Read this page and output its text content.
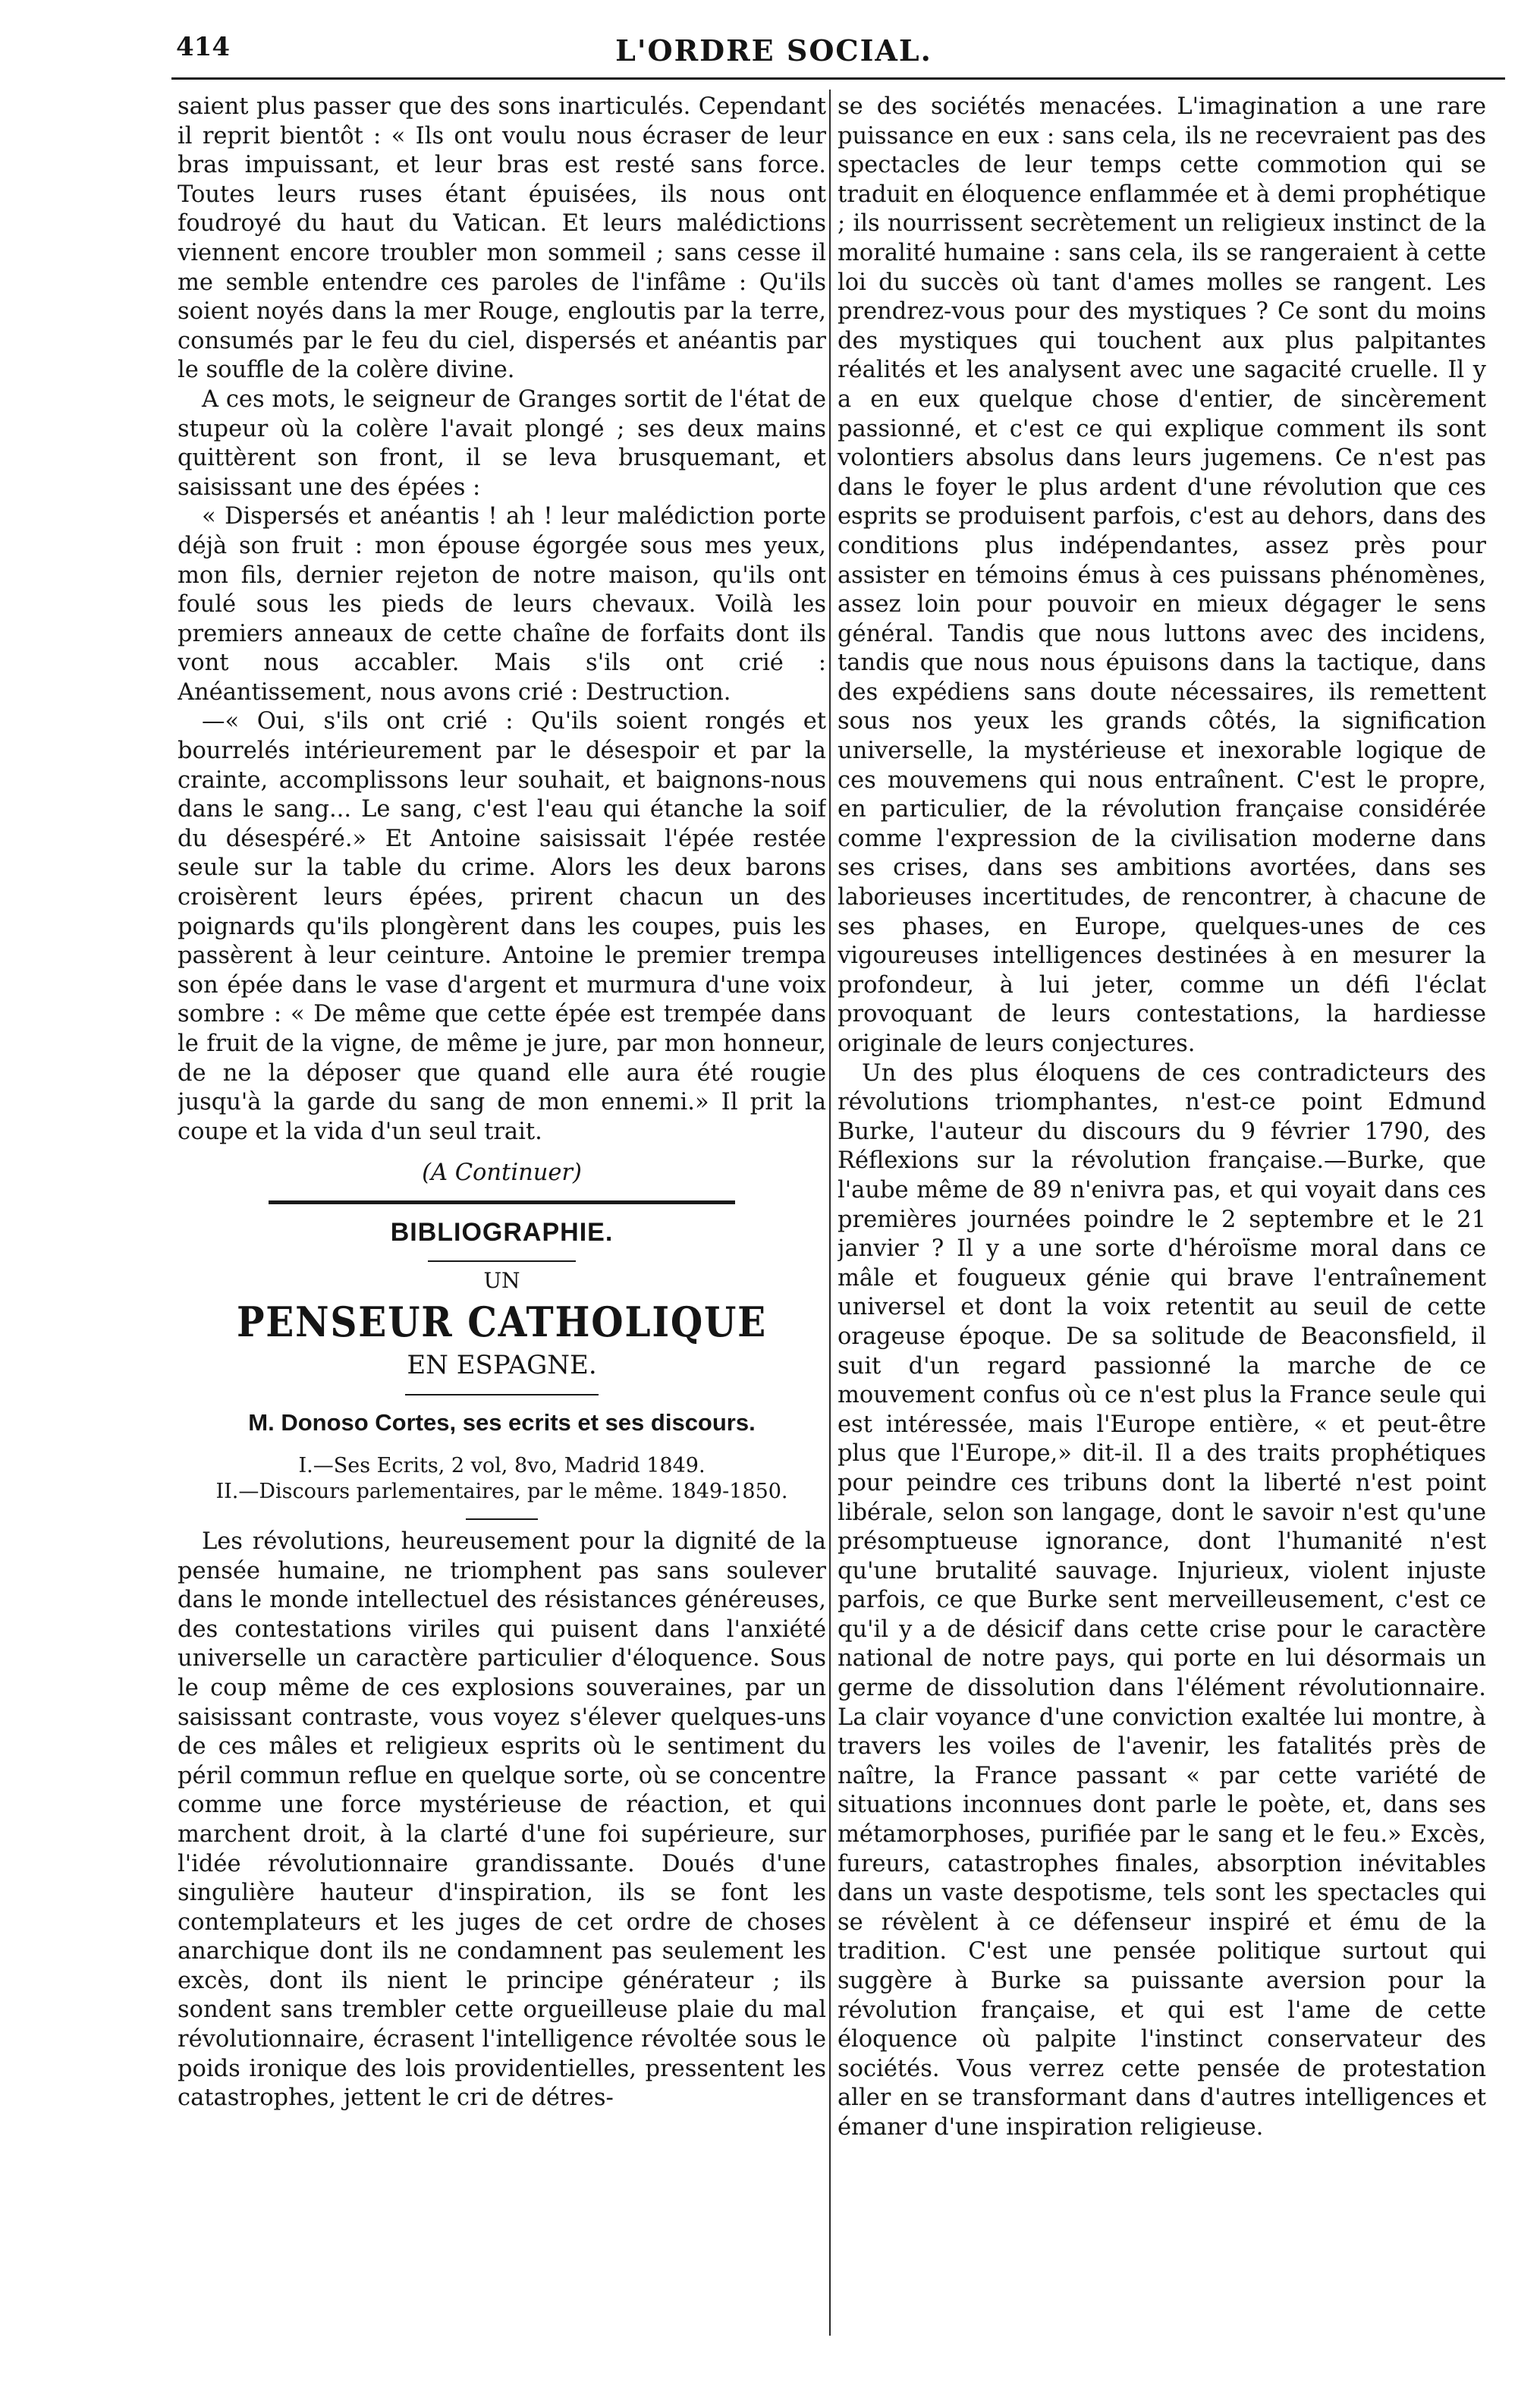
414	L'ORDRE SOCIAL.

saient plus passer que des sons inarticulés. Cependant il reprit bientôt : « Ils ont voulu nous écraser de leur bras impuissant, et leur bras est resté sans force. Toutes leurs ruses étant épuisées, ils nous ont foudroyé du haut du Vatican. Et leurs malédictions viennent encore troubler mon sommeil ; sans cesse il me semble entendre ces paroles de l'infâme : Qu'ils soient noyés dans la mer Rouge, engloutis par la terre, consumés par le feu du ciel, dispersés et anéantis par le souffle de la colère divine.

A ces mots, le seigneur de Granges sortit de l'état de stupeur où la colère l'avait plongé ; ses deux mains quittèrent son front, il se leva brusquemant, et saisissant une des épées :

« Dispersés et anéantis ! ah ! leur malédiction porte déjà son fruit : mon épouse égorgée sous mes yeux, mon fils, dernier rejeton de notre maison, qu'ils ont foulé sous les pieds de leurs chevaux. Voilà les premiers anneaux de cette chaîne de forfaits dont ils vont nous accabler. Mais s'ils ont crié : Anéantissement, nous avons crié : Destruction.

—« Oui, s'ils ont crié : Qu'ils soient rongés et bourrelés intérieurement par le désespoir et par la crainte, accomplissons leur souhait, et baignons-nous dans le sang... Le sang, c'est l'eau qui étanche la soif du désespéré.» Et Antoine saisissait l'épée restée seule sur la table du crime. Alors les deux barons croisèrent leurs épées, prirent chacun un des poignards qu'ils plongèrent dans les coupes, puis les passèrent à leur ceinture. Antoine le premier trempa son épée dans le vase d'argent et murmura d'une voix sombre : « De même que cette épée est trempée dans le fruit de la vigne, de même je jure, par mon honneur, de ne la déposer que quand elle aura été rougie jusqu'à la garde du sang de mon ennemi.» Il prit la coupe et la vida d'un seul trait.

(A Continuer)

BIBLIOGRAPHIE.
UN
PENSEUR CATHOLIQUE
EN ESPAGNE.
M. Donoso Cortes, ses ecrits et ses discours.

I.—Ses Ecrits, 2 vol, 8vo, Madrid 1849.

II.—Discours parlementaires, par le même. 1849-1850.

Les révolutions, heureusement pour la dignité de la pensée humaine, ne triomphent pas sans soulever dans le monde intellectuel des résistances généreuses, des contestations viriles qui puisent dans l'anxiété universelle un caractère particulier d'éloquence. Sous le coup même de ces explosions souveraines, par un saisissant contraste, vous voyez s'élever quelques-uns de ces mâles et religieux esprits où le sentiment du péril commun reflue en quelque sorte, où se concentre comme une force mystérieuse de réaction, et qui marchent droit, à la clarté d'une foi supérieure, sur l'idée révolutionnaire grandissante. Doués d'une singulière hauteur d'inspiration, ils se font les contemplateurs et les juges de cet ordre de choses anarchique dont ils ne condamnent pas seulement les excès, dont ils nient le principe générateur ; ils sondent sans trembler cette orgueilleuse plaie du mal révolutionnaire, écrasent l'intelligence révoltée sous le poids ironique des lois providentielles, pressentent les catastrophes, jettent le cri de détres-

se des sociétés menacées. L'imagination a une rare puissance en eux : sans cela, ils ne recevraient pas des spectacles de leur temps cette commotion qui se traduit en éloquence enflammée et à demi prophétique ; ils nourrissent secrètement un religieux instinct de la moralité humaine : sans cela, ils se rangeraient à cette loi du succès où tant d'ames molles se rangent. Les prendrez-vous pour des mystiques ? Ce sont du moins des mystiques qui touchent aux plus palpitantes réalités et les analysent avec une sagacité cruelle. Il y a en eux quelque chose d'entier, de sincèrement passionné, et c'est ce qui explique comment ils sont volontiers absolus dans leurs jugemens. Ce n'est pas dans le foyer le plus ardent d'une révolution que ces esprits se produisent parfois, c'est au dehors, dans des conditions plus indépendantes, assez près pour assister en témoins émus à ces puissans phénomènes, assez loin pour pouvoir en mieux dégager le sens général. Tandis que nous luttons avec des incidens, tandis que nous nous épuisons dans la tactique, dans des expédiens sans doute nécessaires, ils remettent sous nos yeux les grands côtés, la signification universelle, la mystérieuse et inexorable logique de ces mouvemens qui nous entraînent. C'est le propre, en particulier, de la révolution française considérée comme l'expression de la civilisation moderne dans ses crises, dans ses ambitions avortées, dans ses laborieuses incertitudes, de rencontrer, à chacune de ses phases, en Europe, quelques-unes de ces vigoureuses intelligences destinées à en mesurer la profondeur, à lui jeter, comme un défi l'éclat provoquant de leurs contestations, la hardiesse originale de leurs conjectures.

Un des plus éloquens de ces contradicteurs des révolutions triomphantes, n'est-ce point Edmund Burke, l'auteur du discours du 9 février 1790, des Réflexions sur la révolution française.—Burke, que l'aube même de 89 n'enivra pas, et qui voyait dans ces premières journées poindre le 2 septembre et le 21 janvier ? Il y a une sorte d'héroïsme moral dans ce mâle et fougueux génie qui brave l'entraînement universel et dont la voix retentit au seuil de cette orageuse époque. De sa solitude de Beaconsfield, il suit d'un regard passionné la marche de ce mouvement confus où ce n'est plus la France seule qui est intéressée, mais l'Europe entière, « et peut-être plus que l'Europe,» dit-il. Il a des traits prophétiques pour peindre ces tribuns dont la liberté n'est point libérale, selon son langage, dont le savoir n'est qu'une présomptueuse ignorance, dont l'humanité n'est qu'une brutalité sauvage. Injurieux, violent injuste parfois, ce que Burke sent merveilleusement, c'est ce qu'il y a de désicif dans cette crise pour le caractère national de notre pays, qui porte en lui désormais un germe de dissolution dans l'élément révolutionnaire. La clair voyance d'une conviction exaltée lui montre, à travers les voiles de l'avenir, les fatalités près de naître, la France passant « par cette variété de situations inconnues dont parle le poète, et, dans ses métamorphoses, purifiée par le sang et le feu.» Excès, fureurs, catastrophes finales, absorption inévitables dans un vaste despotisme, tels sont les spectacles qui se révèlent à ce défenseur inspiré et ému de la tradition. C'est une pensée politique surtout qui suggère à Burke sa puissante aversion pour la révolution française, et qui est l'ame de cette éloquence où palpite l'instinct conservateur des sociétés. Vous verrez cette pensée de protestation aller en se transformant dans d'autres intelligences et émaner d'une inspiration religieuse.
